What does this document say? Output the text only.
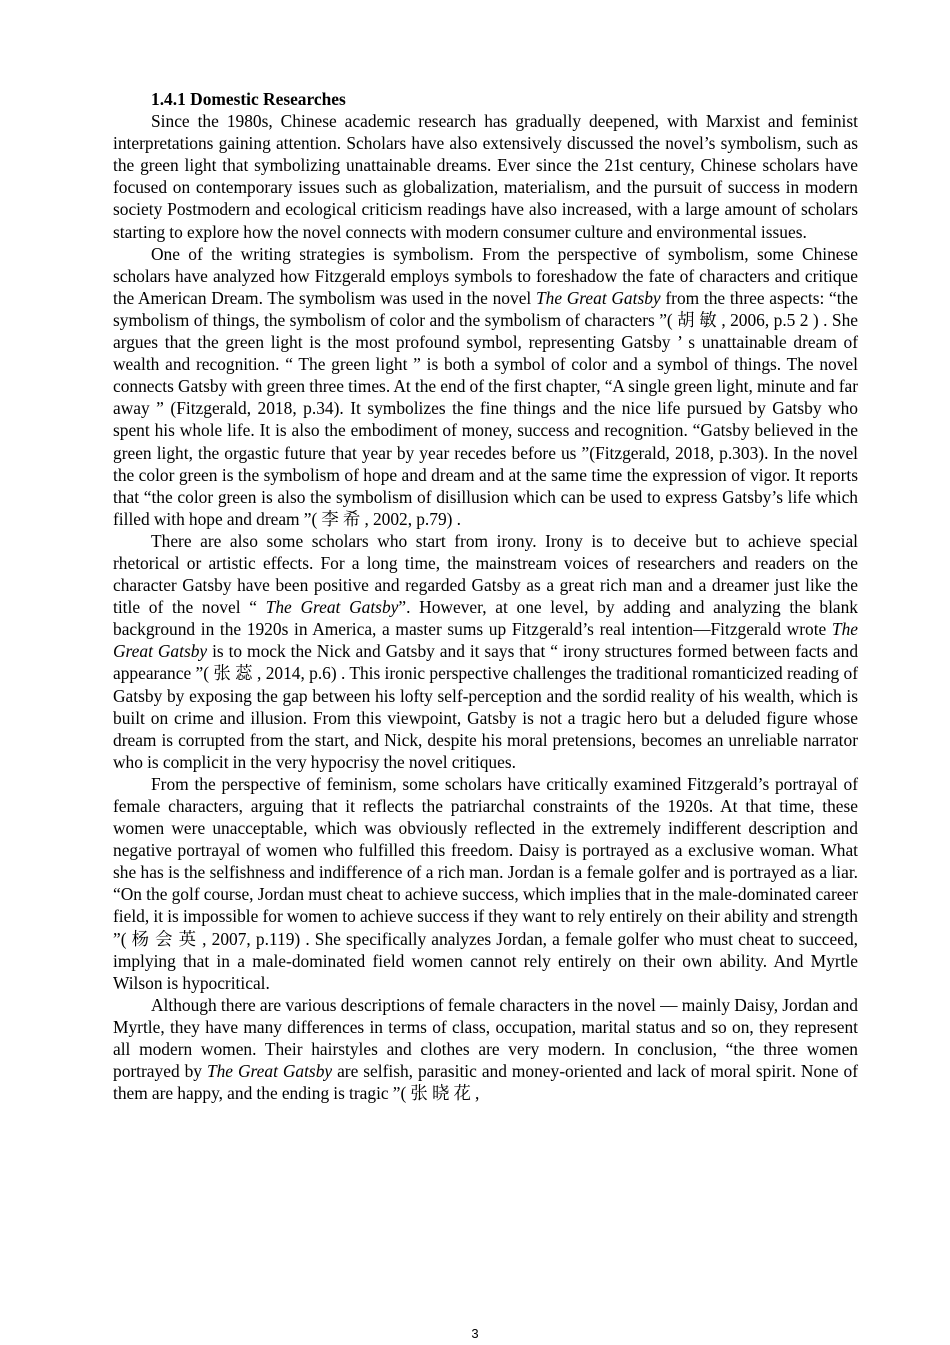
1.4.1 Domestic Researches

Since the 1980s, Chinese academic research has gradually deepened, with Marxist and feminist interpretations gaining attention. Scholars have also extensively discussed the novel’s symbolism, such as the green light that symbolizing unattainable dreams. Ever since the 21st century, Chinese scholars have focused on contemporary issues such as globalization, materialism, and the pursuit of success in modern society Postmodern and ecological criticism readings have also increased, with a large amount of scholars starting to explore how the novel connects with modern consumer culture and environmental issues.

One of the writing strategies is symbolism. From the perspective of symbolism, some Chinese scholars have analyzed how Fitzgerald employs symbols to foreshadow the fate of characters and critique the American Dream. The symbolism was used in the novel The Great Gatsby from the three aspects: “the symbolism of things, the symbolism of color and the symbolism of characters ”( 胡 敏 , 2006, p.5 2 ) . She argues that the green light is the most profound symbol, representing Gatsby ’ s unattainable dream of wealth and recognition. “ The green light ” is both a symbol of color and a symbol of things. The novel connects Gatsby with green three times. At the end of the first chapter, “A single green light, minute and far away ” (Fitzgerald, 2018, p.34). It symbolizes the fine things and the nice life pursued by Gatsby who spent his whole life. It is also the embodiment of money, success and recognition. “Gatsby believed in the green light, the orgastic future that year by year recedes before us ”(Fitzgerald, 2018, p.303). In the novel the color green is the symbolism of hope and dream and at the same time the expression of vigor. It reports that “the color green is also the symbolism of disillusion which can be used to express Gatsby’s life which filled with hope and dream ”( 李 希 , 2002, p.79) .

There are also some scholars who start from irony. Irony is to deceive but to achieve special rhetorical or artistic effects. For a long time, the mainstream voices of researchers and readers on the character Gatsby have been positive and regarded Gatsby as a great rich man and a dreamer just like the title of the novel “ The Great Gatsby”. However, at one level, by adding and analyzing the blank background in the 1920s in America, a master sums up Fitzgerald’s real intention—Fitzgerald wrote The Great Gatsby is to mock the Nick and Gatsby and it says that “ irony structures formed between facts and appearance ”( 张 蕊 , 2014, p.6) . This ironic perspective challenges the traditional romanticized reading of Gatsby by exposing the gap between his lofty self-perception and the sordid reality of his wealth, which is built on crime and illusion. From this viewpoint, Gatsby is not a tragic hero but a deluded figure whose dream is corrupted from the start, and Nick, despite his moral pretensions, becomes an unreliable narrator who is complicit in the very hypocrisy the novel critiques.

From the perspective of feminism, some scholars have critically examined Fitzgerald’s portrayal of female characters, arguing that it reflects the patriarchal constraints of the 1920s. At that time, these women were unacceptable, which was obviously reflected in the extremely indifferent description and negative portrayal of women who fulfilled this freedom. Daisy is portrayed as a exclusive woman. What she has is the selfishness and indifference of a rich man. Jordan is a female golfer and is portrayed as a liar. “On the golf course, Jordan must cheat to achieve success, which implies that in the male-dominated career field, it is impossible for women to achieve success if they want to rely entirely on their ability and strength ”( 杨 会 英 , 2007, p.119) . She specifically analyzes Jordan, a female golfer who must cheat to succeed, implying that in a male-dominated field women cannot rely entirely on their own ability. And Myrtle Wilson is hypocritical.

Although there are various descriptions of female characters in the novel — mainly Daisy, Jordan and Myrtle, they have many differences in terms of class, occupation, marital status and so on, they represent all modern women. Their hairstyles and clothes are very modern. In conclusion, “the three women portrayed by The Great Gatsby are selfish, parasitic and money-oriented and lack of moral spirit. None of them are happy, and the ending is tragic ”( 张 晓 花 ,

3
